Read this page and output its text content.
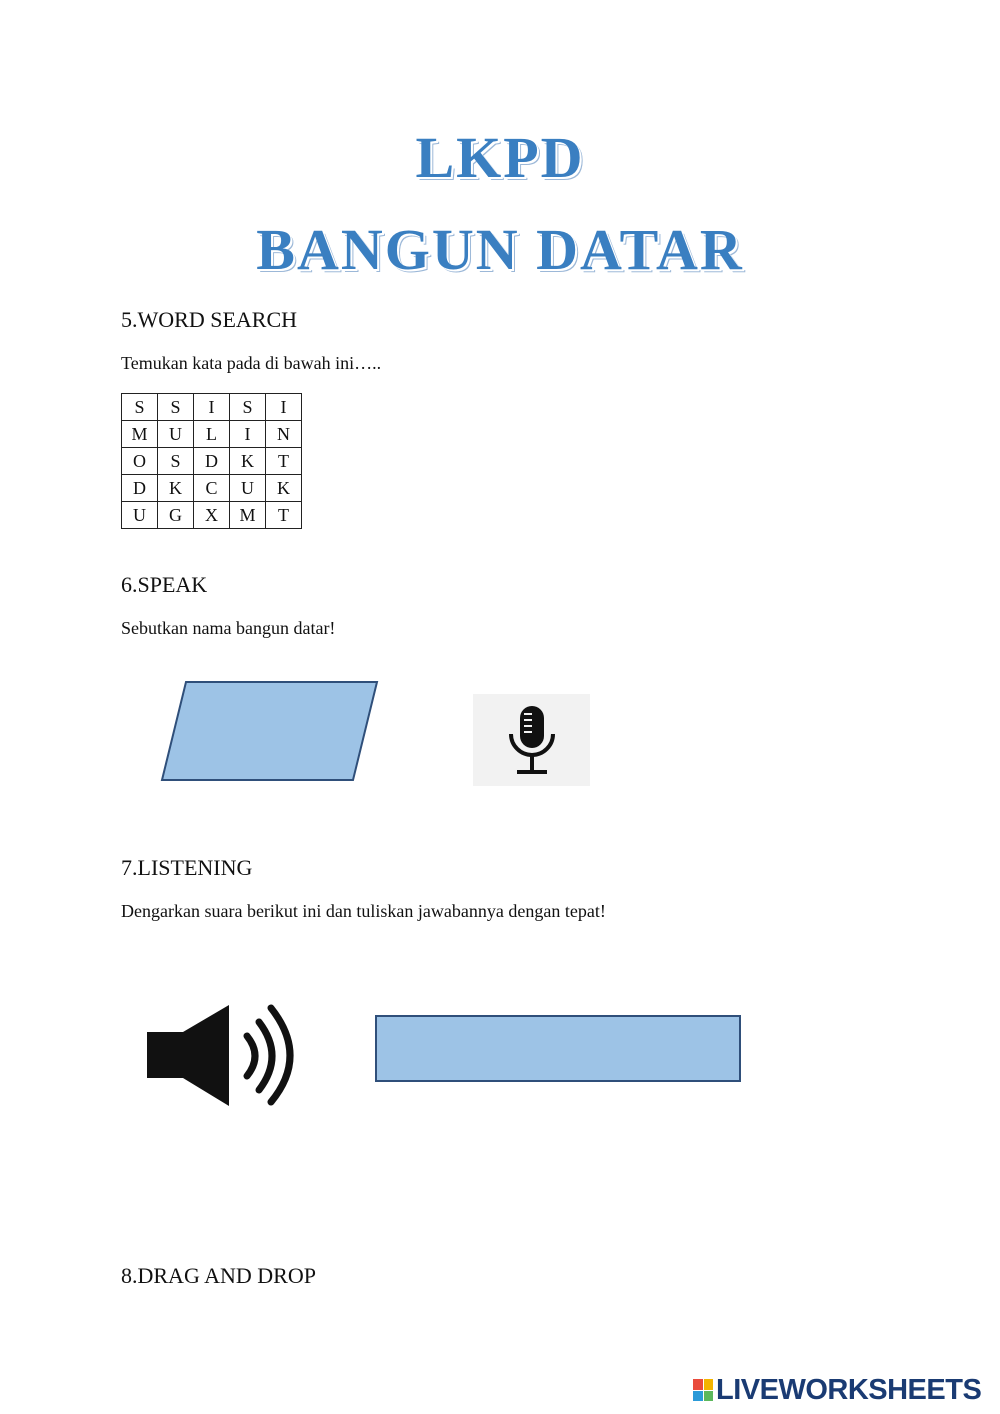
LKPD
BANGUN DATAR
5.WORD SEARCH
Temukan kata pada di bawah ini…..
S	S	I	S	I
M	U	L	I	N
O	S	D	K	T
D	K	C	U	K
U	G	X	M	T
6.SPEAK
Sebutkan nama bangun datar!
7.LISTENING
Dengarkan suara berikut ini dan tuliskan jawabannya dengan tepat!
8.DRAG AND DROP
LIVEWORKSHEETS
